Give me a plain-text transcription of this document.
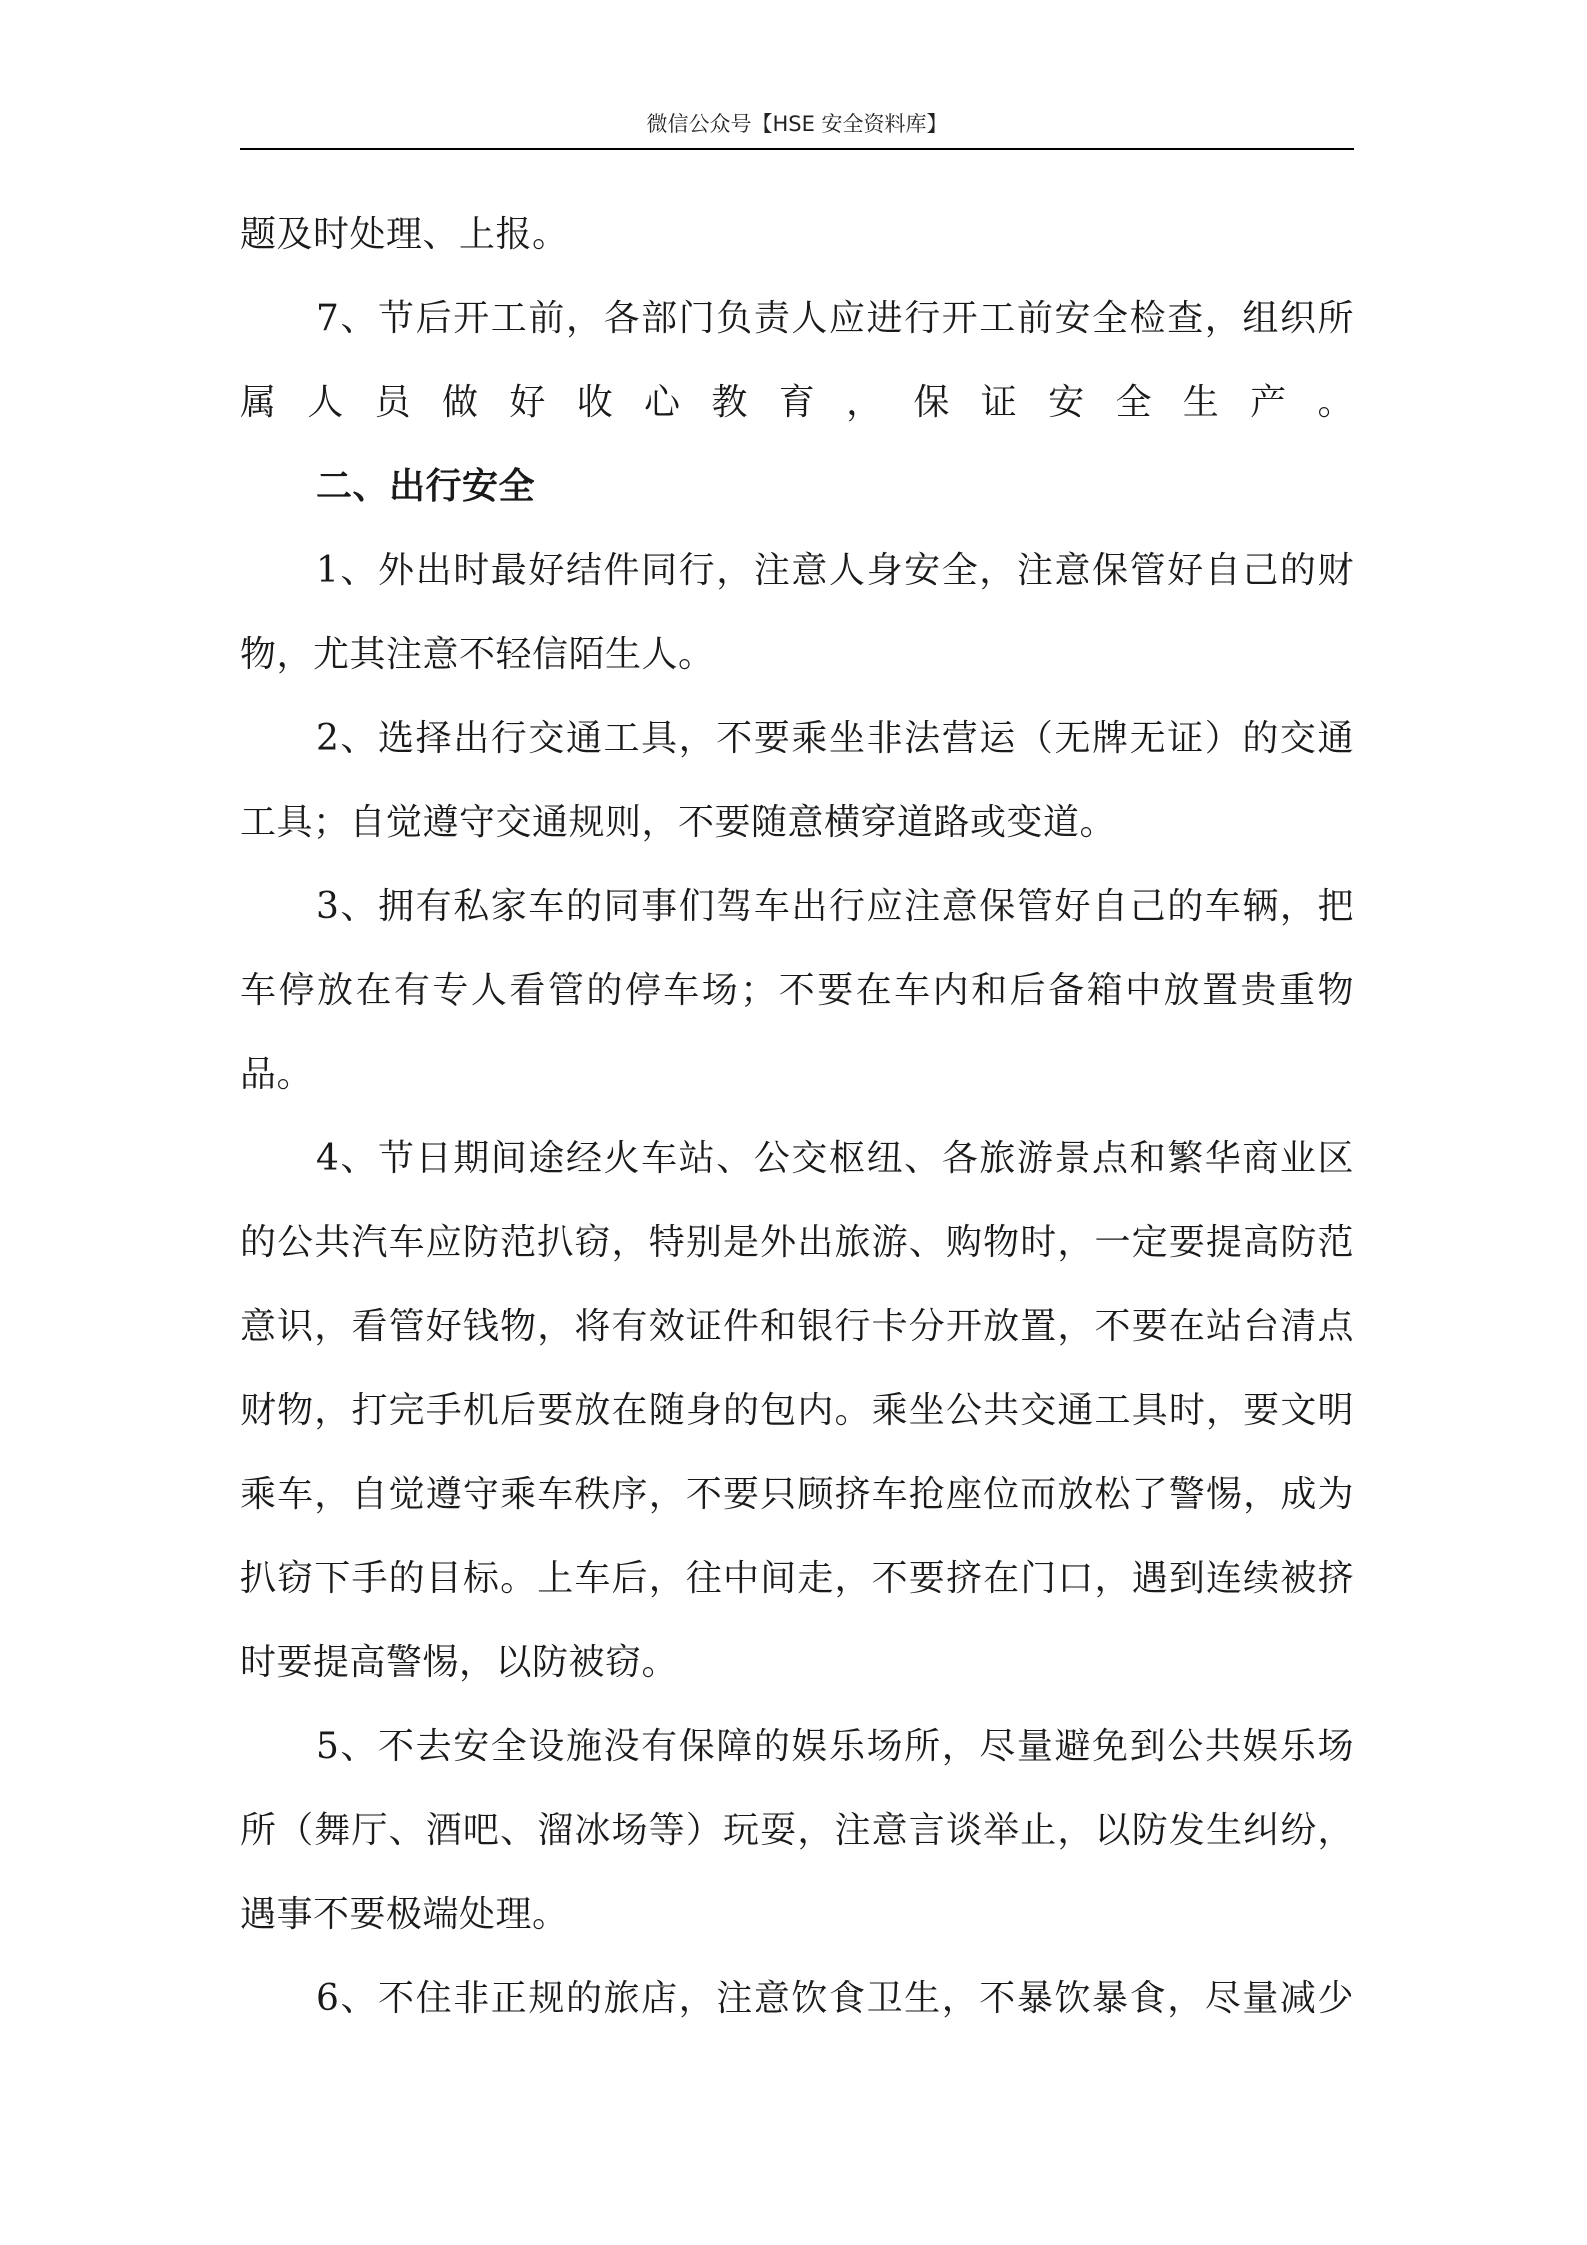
微信公众号【HSE 安全资料库】
题及时处理、上报。
7、节后开工前，各部门负责人应进行开工前安全检查，组织所
属人员做好收心教育，保证安全生产。
二、出行安全
1、外出时最好结件同行，注意人身安全，注意保管好自己的财
物，尤其注意不轻信陌生人。
2、选择出行交通工具，不要乘坐非法营运（无牌无证）的交通
工具；自觉遵守交通规则，不要随意横穿道路或变道。
3、拥有私家车的同事们驾车出行应注意保管好自己的车辆，把
车停放在有专人看管的停车场；不要在车内和后备箱中放置贵重物
品。
4、节日期间途经火车站、公交枢纽、各旅游景点和繁华商业区
的公共汽车应防范扒窃，特别是外出旅游、购物时，一定要提高防范
意识，看管好钱物，将有效证件和银行卡分开放置，不要在站台清点
财物，打完手机后要放在随身的包内。乘坐公共交通工具时，要文明
乘车，自觉遵守乘车秩序，不要只顾挤车抢座位而放松了警惕，成为
扒窃下手的目标。上车后，往中间走，不要挤在门口，遇到连续被挤
时要提高警惕，以防被窃。
5、不去安全设施没有保障的娱乐场所，尽量避免到公共娱乐场
所（舞厅、酒吧、溜冰场等）玩耍，注意言谈举止，以防发生纠纷，
遇事不要极端处理。
6、不住非正规的旅店，注意饮食卫生，不暴饮暴食，尽量减少
